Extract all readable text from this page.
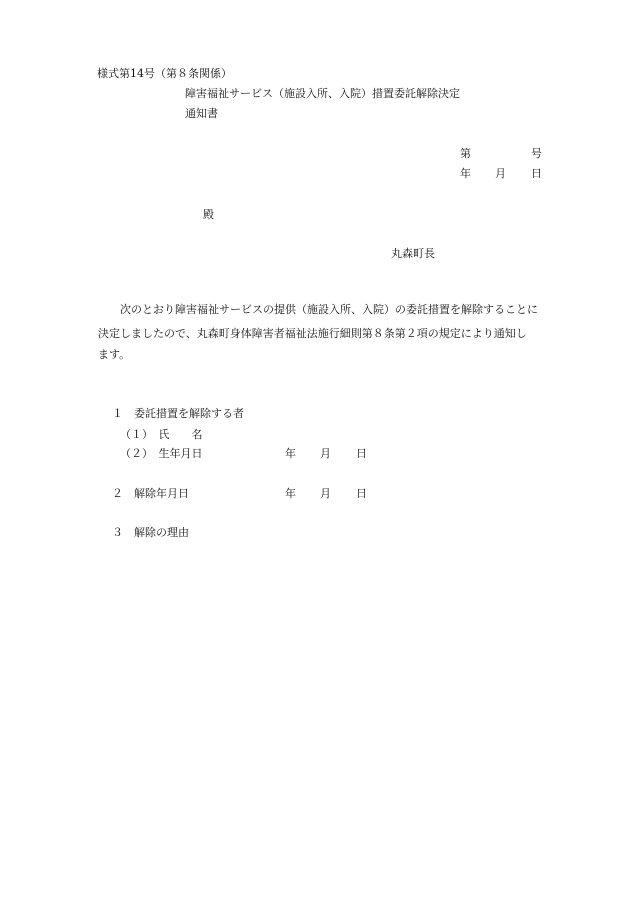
様式第14号（第８条関係）
障害福祉サービス（施設入所、入院）措置委託解除決定
通知書
第	号
年 月 日
殿
丸森町長
次のとおり障害福祉サービスの提供（施設入所、入院）の委託措置を解除することに
決定しましたので、丸森町身体障害者福祉法施行細則第８条第２項の規定により通知し
ます。
１　委託措置を解除する者
（１）　氏　　名
（２）　生年月日	年 月 日
２　解除年月日	年 月 日
３　解除の理由
